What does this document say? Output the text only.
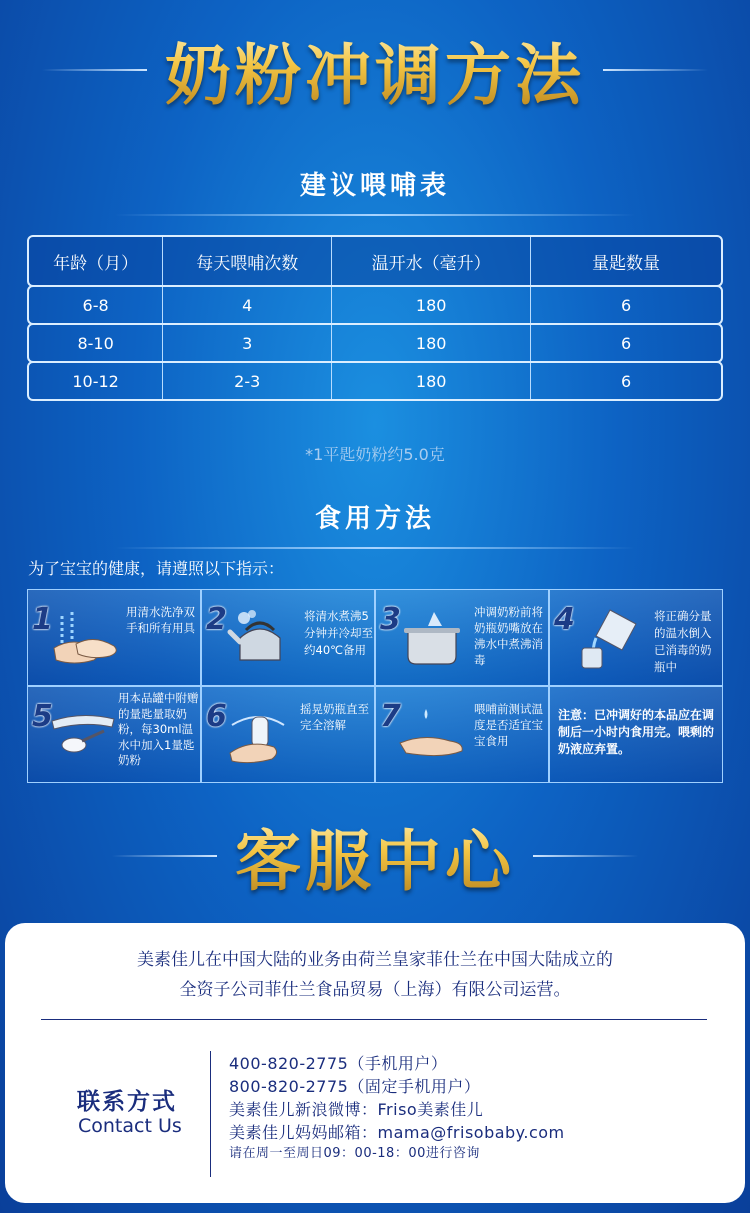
奶粉冲调方法
建议喂哺表
年龄（月）	每天喂哺次数	温开水（毫升）	量匙数量
6-8	4	180	6
8-10	3	180	6
10-12	2-3	180	6
*1平匙奶粉约5.0克
食用方法
为了宝宝的健康，请遵照以下指示：
1	用清水洗净双手和所有用具 2	将清水煮沸5分钟并冷却至约40℃备用
3	冲调奶粉前将奶瓶奶嘴放在沸水中煮沸消毒
4	将正确分量的温水倒入已消毒的奶瓶中
5
用本品罐中附赠的量匙量取奶粉，每30ml温水中加入1量匙奶粉
6	摇晃奶瓶直至完全溶解	7	喂哺前测试温度是否适宜宝宝食用
注意：已冲调好的本品应在调制后一小时内食用完。喂剩的奶液应弃置。
客服中心
美素佳儿在中国大陆的业务由荷兰皇家菲仕兰在中国大陆成立的
全资子公司菲仕兰食品贸易（上海）有限公司运营。
联系方式
Contact Us
400-820-2775（手机用户）
800-820-2775（固定手机用户）
美素佳儿新浪微博：Friso美素佳儿
美素佳儿妈妈邮箱：mama@frisobaby.com
请在周一至周日09：00-18：00进行咨询
